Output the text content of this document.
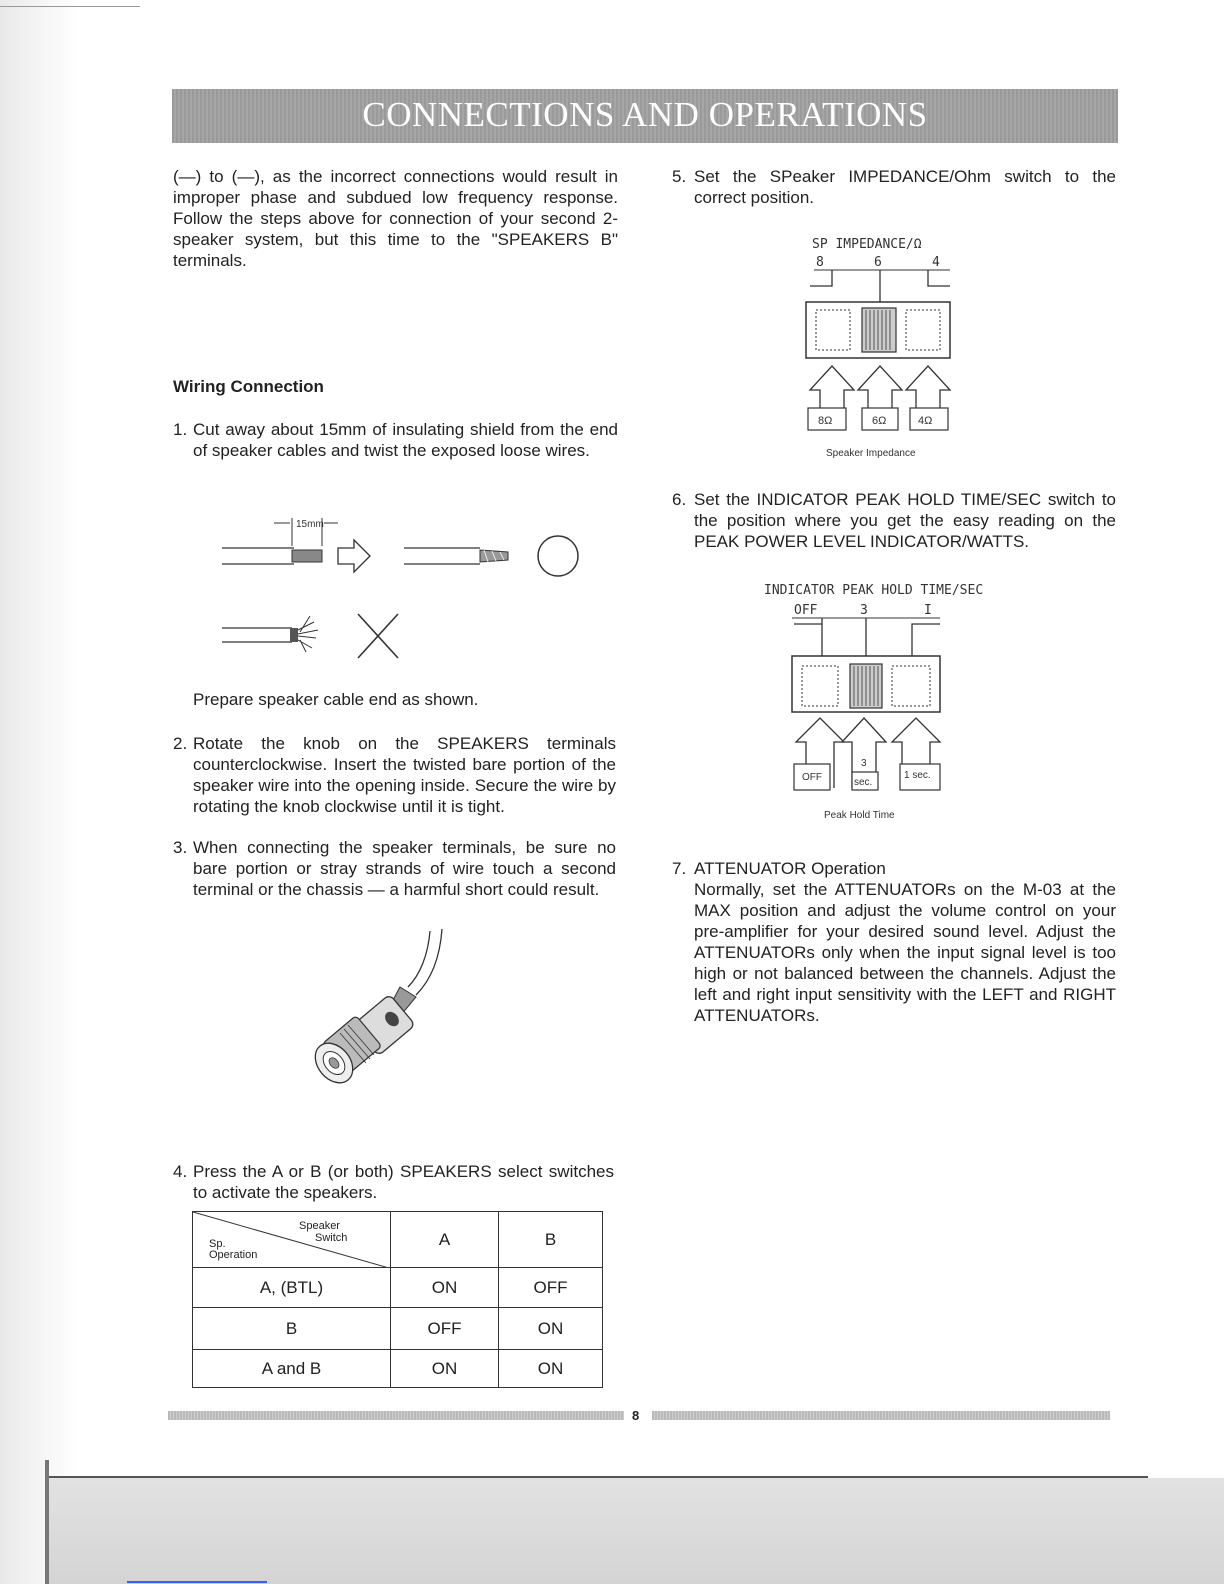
CONNECTIONS AND OPERATIONS
(—) to (—), as the incorrect connections would result in improper phase and subdued low frequency response. Follow the steps above for connection of your second 2-speaker system, but this time to the "SPEAKERS B" terminals.
Wiring Connection
1. Cut away about 15mm of insulating shield from the end of speaker cables and twist the exposed loose wires.
15mm
Prepare speaker cable end as shown.
2. Rotate the knob on the SPEAKERS terminals counterclockwise. Insert the twisted bare portion of the speaker wire into the opening inside. Secure the wire by rotating the knob clockwise until it is tight.
3. When connecting the speaker terminals, be sure no bare portion or stray strands of wire touch a second terminal or the chassis — a harmful short could result.
4. Press the A or B (or both) SPEAKERS select switches to activate the speakers.
Speaker
Switch
Sp.
Operation	A	B
A, (BTL)	ON	OFF
B	OFF	ON
A and B	ON	ON
5. Set the SPeaker IMPEDANCE/Ohm switch to the correct position.
SP IMPEDANCE/Ω
8	6	4
8Ω	6Ω	4Ω
Speaker Impedance
6. Set the INDICATOR PEAK HOLD TIME/SEC switch to the position where you get the easy reading on the PEAK POWER LEVEL INDICATOR/WATTS.
INDICATOR PEAK HOLD TIME/SEC
OFF	3	I
OFF
3
sec.
1 sec.
Peak Hold Time
7. ATTENUATOR Operation
Normally, set the ATTENUATORs on the M-03 at the MAX position and adjust the volume control on your pre-amplifier for your desired sound level. Adjust the ATTENUATORs only when the input signal level is too high or not balanced between the channels. Adjust the left and right input sensitivity with the LEFT and RIGHT ATTENUATORs.
8
